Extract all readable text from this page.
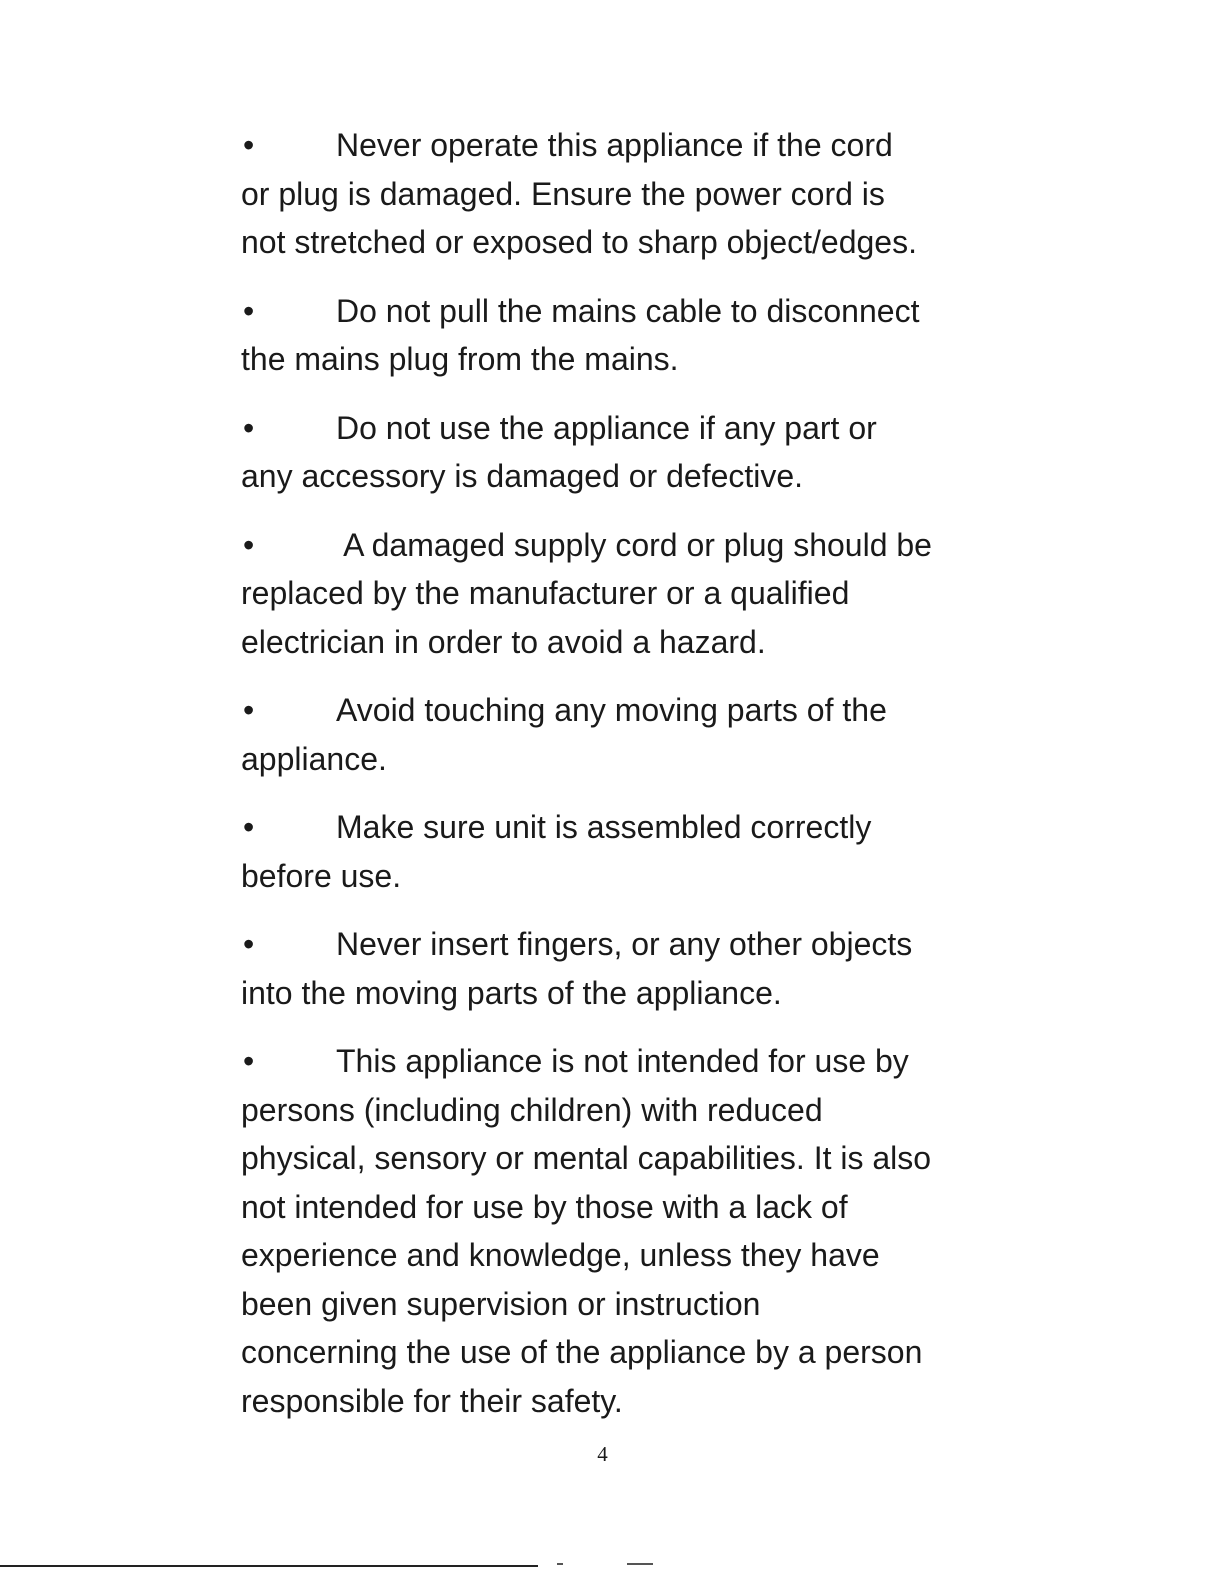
•	Never operate this appliance if the cord
or plug is damaged. Ensure the power cord is
not stretched or exposed to sharp object/edges.
•	Do not pull the mains cable to disconnect
the mains plug from the mains.
•	Do not use the appliance if any part or
any accessory is damaged or defective.
•	A damaged supply cord or plug should be
replaced by the manufacturer or a qualified
electrician in order to avoid a hazard.
•	Avoid touching any moving parts of the
appliance.
•	Make sure unit is assembled correctly
before use.
•	Never insert fingers, or any other objects
into the moving parts of the appliance.
•	This appliance is not intended for use by
persons (including children) with reduced
physical, sensory or mental capabilities. It is also
not intended for use by those with a lack of
experience and knowledge, unless they have
been given supervision or instruction
concerning the use of the appliance by a person
responsible for their safety.
4
